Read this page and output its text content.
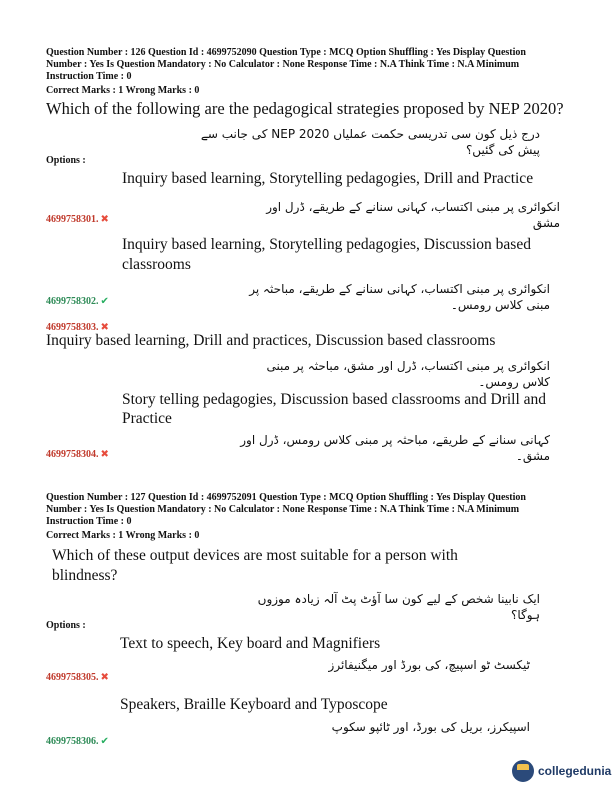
Question Number : 126 Question Id : 4699752090 Question Type : MCQ Option Shuffling : Yes Display Question
Number : Yes Is Question Mandatory : No Calculator : None Response Time : N.A Think Time : N.A Minimum
Instruction Time : 0
Correct Marks : 1 Wrong Marks : 0
Which of the following are the pedagogical strategies proposed by NEP 2020?
درج ذیل کون سی تدریسی حکمت عملیاں NEP 2020 کی جانب سے پیش کی گئیں؟
Options :
Inquiry based learning, Storytelling pedagogies, Drill and Practice
انکوائری پر مبنی اکتساب، کہانی سنانے کے طریقے، ڈرل اور مشق
4699758301. ✖
Inquiry based learning, Storytelling pedagogies, Discussion based
classrooms
انکوائری پر مبنی اکتساب، کہانی سنانے کے طریقے، مباحثہ پر مبنی کلاس رومس۔
4699758302. ✔
4699758303. ✖
Inquiry based learning, Drill and practices, Discussion based classrooms
انکوائری پر مبنی اکتساب، ڈرل اور مشق، مباحثہ پر مبنی کلاس رومس۔
Story telling pedagogies, Discussion based classrooms and Drill and
Practice
کہانی سنانے کے طریقے، مباحثہ پر مبنی کلاس رومس، ڈرل اور مشق۔
4699758304. ✖
Question Number : 127 Question Id : 4699752091 Question Type : MCQ Option Shuffling : Yes Display Question
Number : Yes Is Question Mandatory : No Calculator : None Response Time : N.A Think Time : N.A Minimum
Instruction Time : 0
Correct Marks : 1 Wrong Marks : 0
Which of these output devices are most suitable for a person with
blindness?
ایک نابینا شخص کے لیے کون سا آؤٹ پٹ آلہ زیادہ موزوں ہوگا؟
Options :
Text to speech, Key board and Magnifiers
ٹیکسٹ ٹو اسپیچ، کی بورڈ اور میگنیفائرز
4699758305. ✖
Speakers, Braille Keyboard and Typoscope
اسپیکرز، بریل کی بورڈ، اور ٹائپو سکوپ
4699758306. ✔
collegedunia
